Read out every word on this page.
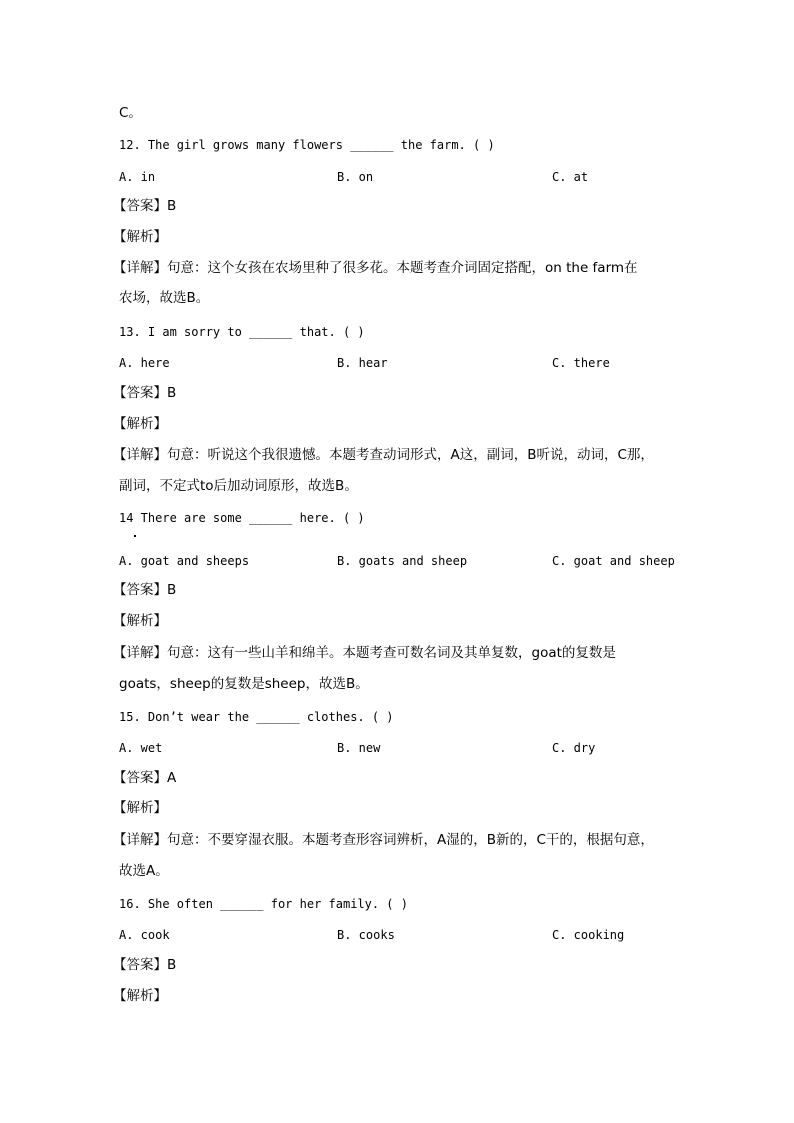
C。
12. The girl grows many flowers ______ the farm. ( )
A. in	B. on	C. at
【答案】B
【解析】
【详解】句意：这个女孩在农场里种了很多花。本题考查介词固定搭配，on the farm在
农场，故选B。
13. I am sorry to ______ that. ( )
A. here	B. hear	C. there
【答案】B
【解析】
【详解】句意：听说这个我很遗憾。本题考查动词形式，A这，副词，B听说，动词，C那，
副词，不定式to后加动词原形，故选B。
14 There are some ______ here. ( )
A. goat and sheeps	B. goats and sheep	C. goat and sheep
【答案】B
【解析】
【详解】句意：这有一些山羊和绵羊。本题考查可数名词及其单复数，goat的复数是
goats，sheep的复数是sheep，故选B。
15. Don’t wear the ______ clothes. ( )
A. wet	B. new	C. dry
【答案】A
【解析】
【详解】句意：不要穿湿衣服。本题考查形容词辨析，A湿的，B新的，C干的，根据句意，
故选A。
16. She often ______ for her family. ( )
A. cook	B. cooks	C. cooking
【答案】B
【解析】
